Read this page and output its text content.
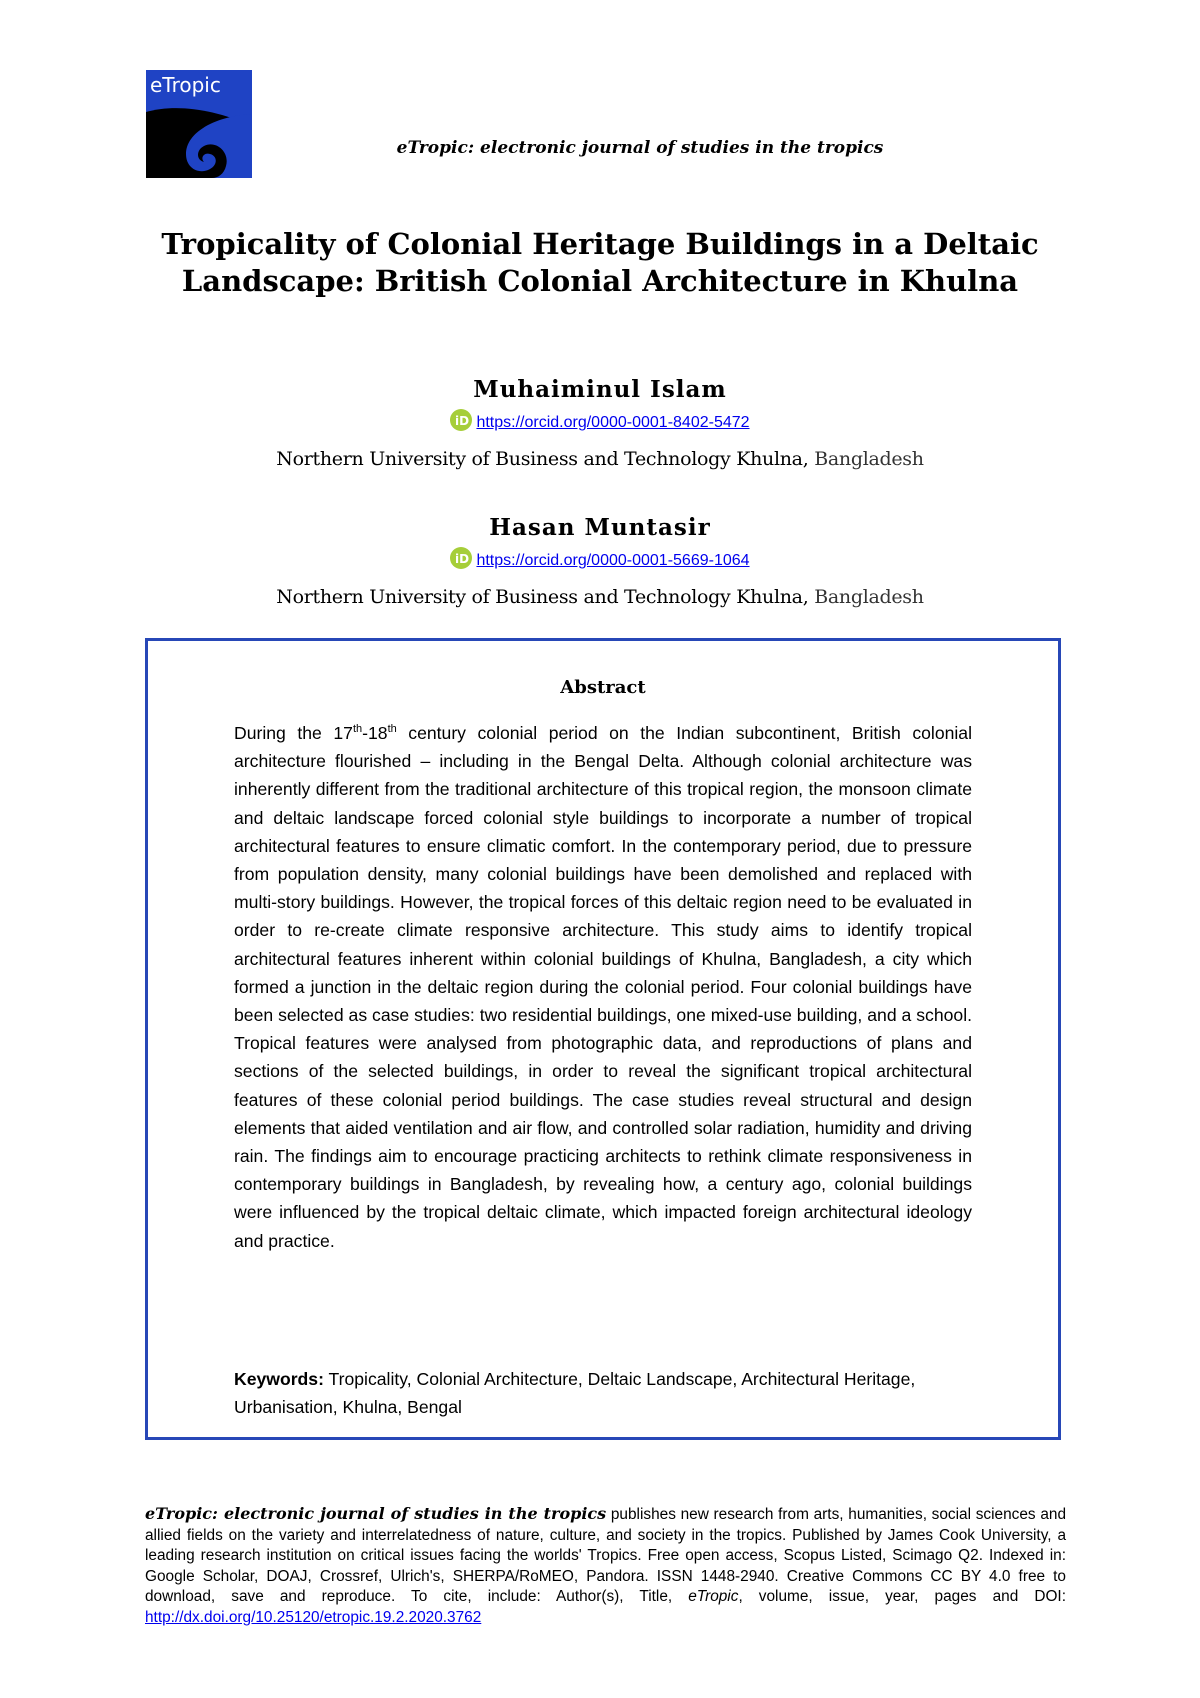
eTropic
eTropic: electronic journal of studies in the tropics
Tropicality of Colonial Heritage Buildings in a Deltaic
Landscape: British Colonial Architecture in Khulna
Muhaiminul Islam
iD https://orcid.org/0000-0001-8402-5472
Northern University of Business and Technology Khulna, Bangladesh
Hasan Muntasir
iD https://orcid.org/0000-0001-5669-1064
Northern University of Business and Technology Khulna, Bangladesh
Abstract
During the 17th-18th century colonial period on the Indian subcontinent, British colonial architecture flourished – including in the Bengal Delta. Although colonial architecture was inherently different from the traditional architecture of this tropical region, the monsoon climate and deltaic landscape forced colonial style buildings to incorporate a number of tropical architectural features to ensure climatic comfort. In the contemporary period, due to pressure from population density, many colonial buildings have been demolished and replaced with multi-story buildings. However, the tropical forces of this deltaic region need to be evaluated in order to re-create climate responsive architecture. This study aims to identify tropical architectural features inherent within colonial buildings of Khulna, Bangladesh, a city which formed a junction in the deltaic region during the colonial period. Four colonial buildings have been selected as case studies: two residential buildings, one mixed-use building, and a school. Tropical features were analysed from photographic data, and reproductions of plans and sections of the selected buildings, in order to reveal the significant tropical architectural features of these colonial period buildings. The case studies reveal structural and design elements that aided ventilation and air flow, and controlled solar radiation, humidity and driving rain. The findings aim to encourage practicing architects to rethink climate responsiveness in contemporary buildings in Bangladesh, by revealing how, a century ago, colonial buildings were influenced by the tropical deltaic climate, which impacted foreign architectural ideology and practice.
Keywords: Tropicality, Colonial Architecture, Deltaic Landscape, Architectural Heritage, Urbanisation, Khulna, Bengal
eTropic: electronic journal of studies in the tropics publishes new research from arts, humanities, social sciences and allied fields on the variety and interrelatedness of nature, culture, and society in the tropics. Published by James Cook University, a leading research institution on critical issues facing the worlds' Tropics. Free open access, Scopus Listed, Scimago Q2. Indexed in: Google Scholar, DOAJ, Crossref, Ulrich's, SHERPA/RoMEO, Pandora. ISSN 1448-2940. Creative Commons CC BY 4.0 free to download, save and reproduce. To cite, include: Author(s), Title, eTropic, volume, issue, year, pages and DOI: http://dx.doi.org/10.25120/etropic.19.2.2020.3762
